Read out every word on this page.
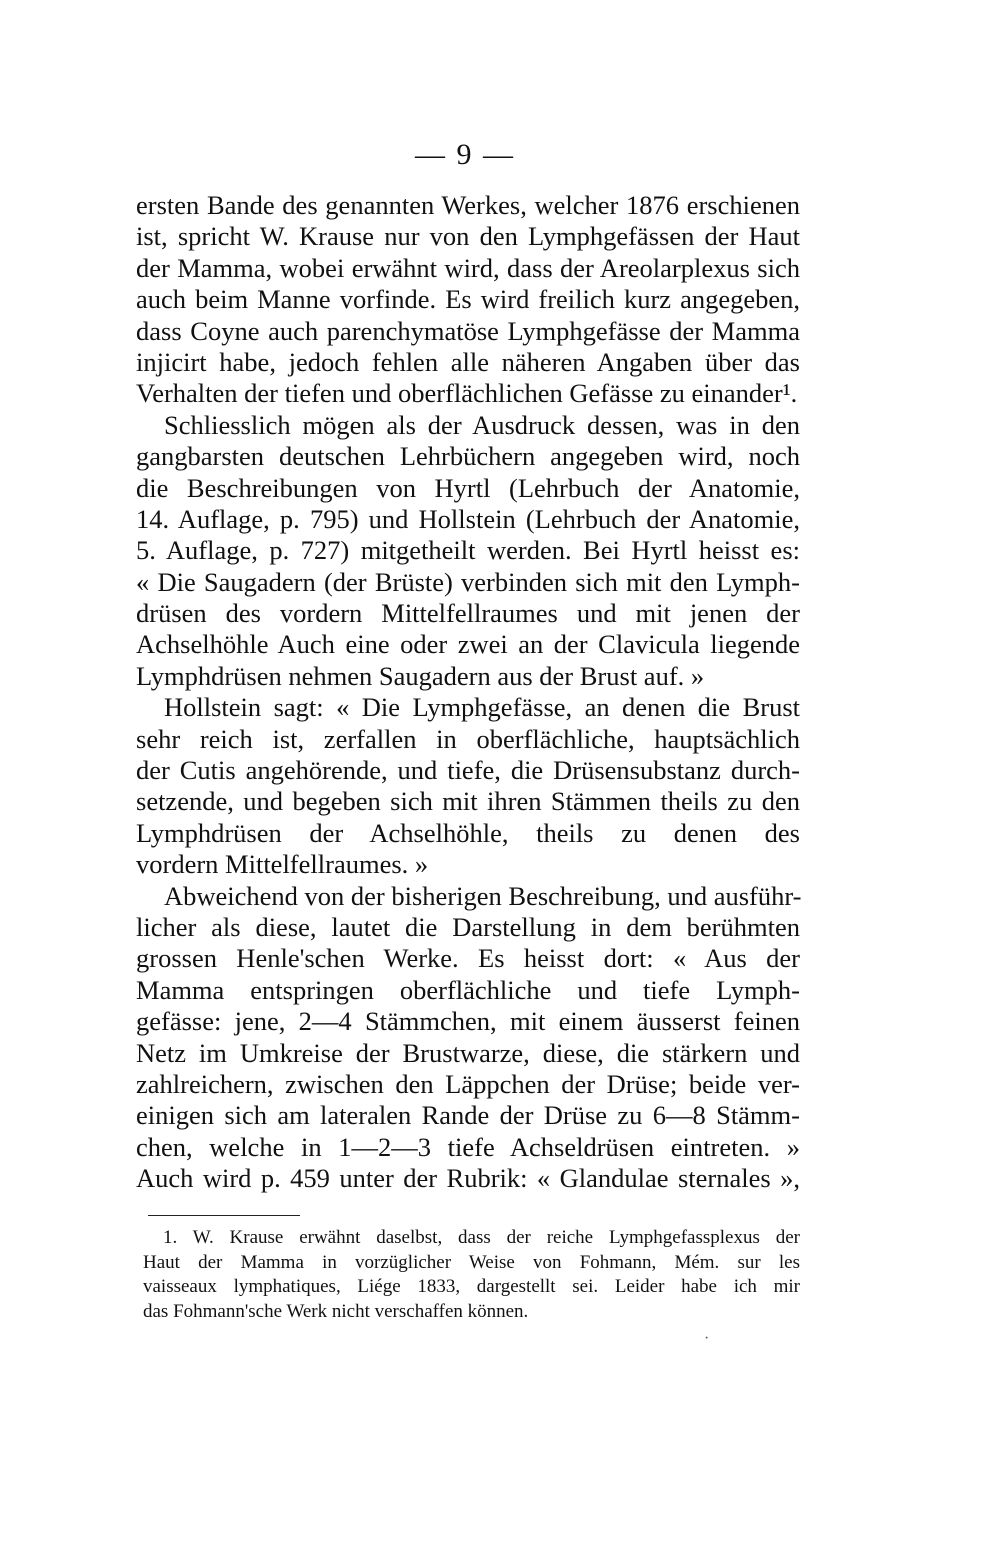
— 9 —
ersten Bande des genannten Werkes, welcher 1876 erschienen
ist, spricht W. Krause nur von den Lymphgefässen der Haut
der Mamma, wobei erwähnt wird, dass der Areolarplexus sich
auch beim Manne vorfinde. Es wird freilich kurz angegeben,
dass Coyne auch parenchymatöse Lymphgefässe der Mamma
injicirt habe, jedoch fehlen alle näheren Angaben über das
Verhalten der tiefen und oberflächlichen Gefässe zu einander¹.
Schliesslich mögen als der Ausdruck dessen, was in den
gangbarsten deutschen Lehrbüchern angegeben wird, noch
die Beschreibungen von Hyrtl (Lehrbuch der Anatomie,
14. Auflage, p. 795) und Hollstein (Lehrbuch der Anatomie,
5. Auflage, p. 727) mitgetheilt werden. Bei Hyrtl heisst es:
« Die Saugadern (der Brüste) verbinden sich mit den Lymph-
drüsen des vordern Mittelfellraumes und mit jenen der
Achselhöhle Auch eine oder zwei an der Clavicula liegende
Lymphdrüsen nehmen Saugadern aus der Brust auf. »
Hollstein sagt: « Die Lymphgefässe, an denen die Brust
sehr reich ist, zerfallen in oberflächliche, hauptsächlich
der Cutis angehörende, und tiefe, die Drüsensubstanz durch-
setzende, und begeben sich mit ihren Stämmen theils zu den
Lymphdrüsen der Achselhöhle, theils zu denen des
vordern Mittelfellraumes. »
Abweichend von der bisherigen Beschreibung, und ausführ-
licher als diese, lautet die Darstellung in dem berühmten
grossen Henle'schen Werke. Es heisst dort: « Aus der
Mamma entspringen oberflächliche und tiefe Lymph-
gefässe: jene, 2—4 Stämmchen, mit einem äusserst feinen
Netz im Umkreise der Brustwarze, diese, die stärkern und
zahlreichern, zwischen den Läppchen der Drüse; beide ver-
einigen sich am lateralen Rande der Drüse zu 6—8 Stämm-
chen, welche in 1—2—3 tiefe Achseldrüsen eintreten. »
Auch wird p. 459 unter der Rubrik: « Glandulae sternales »,
1. W. Krause erwähnt daselbst, dass der reiche Lymphgefassplexus der
Haut der Mamma in vorzüglicher Weise von Fohmann, Mém. sur les
vaisseaux lymphatiques, Liége 1833, dargestellt sei. Leider habe ich mir
das Fohmann'sche Werk nicht verschaffen können.
·
